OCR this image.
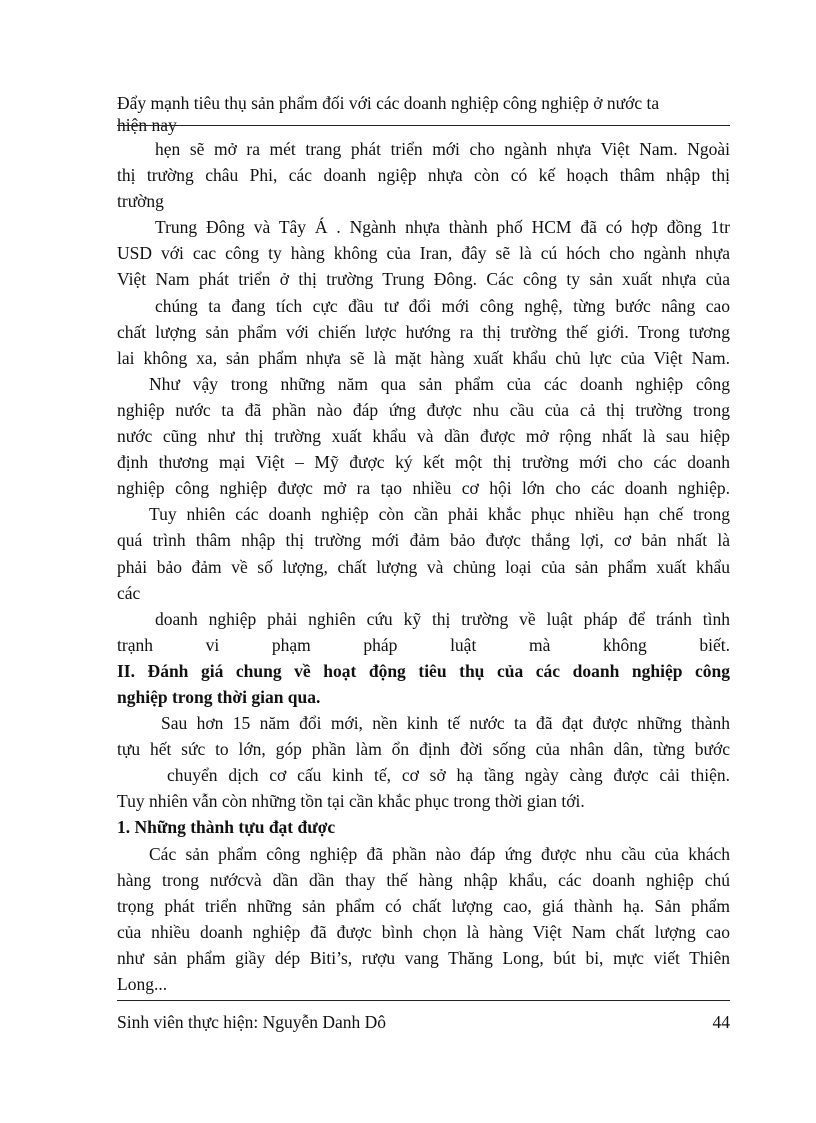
Đẩy mạnh tiêu thụ sản phẩm đối với các doanh nghiệp công nghiệp ở nước ta
hiện nay
hẹn sẽ mở ra mét trang phát triển mới cho ngành nhựa Việt Nam. Ngoài
thị trường châu Phi, các doanh ngiệp nhựa còn có kế hoạch thâm nhập thị
trường
Trung Đông và Tây Á . Ngành nhựa thành phố HCM đã có hợp đồng 1tr
USD với cac công ty hàng không của Iran, đây sẽ là cú hóch cho ngành nhựa
Việt Nam phát triển ở thị trường Trung Đông. Các công ty sản xuất nhựa của
chúng ta đang tích cực đầu tư đổi mới công nghệ, từng bước nâng cao
chất lượng sản phẩm với chiến lược hướng ra thị trường thế giới. Trong tương
lai không xa, sản phẩm nhựa sẽ là mặt hàng xuất khẩu chủ lực của Việt Nam.
Như vậy trong những năm qua sản phẩm của các doanh nghiệp công
nghiệp nước ta đã phần nào đáp ứng được nhu cầu của cả thị trường trong
nước cũng như thị trường xuất khẩu và dần được mở rộng nhất là sau hiệp
định thương mại Việt – Mỹ được ký kết một thị trường mới cho các doanh
nghiệp công nghiệp được mở ra tạo nhiều cơ hội lớn cho các doanh nghiệp.
Tuy nhiên các doanh nghiệp còn cần phải khắc phục nhiều hạn chế trong
quá trình thâm nhập thị trường mới đảm bảo được thắng lợi, cơ bản nhất là
phải bảo đảm về số lượng, chất lượng và chủng loại của sản phẩm xuất khẩu
các
doanh nghiệp phải nghiên cứu kỹ thị trường về luật pháp để tránh tình
trạnh vi phạm pháp luật mà không biết.
II. Đánh giá chung về hoạt động tiêu thụ của các doanh nghiệp công
nghiệp trong thời gian qua.
Sau hơn 15 năm đổi mới, nền kinh tế nước ta đã đạt được những thành
tựu hết sức to lớn, góp phần làm ổn định đời sống của nhân dân, từng bước
chuyển dịch cơ cấu kinh tế, cơ sở hạ tầng ngày càng được cải thiện.
Tuy nhiên vẫn còn những tồn tại cần khắc phục trong thời gian tới.
1. Những thành tựu đạt được
Các sản phẩm công nghiệp đã phần nào đáp ứng được nhu cầu của khách
hàng trong nướcvà dần dần thay thế hàng nhập khẩu, các doanh nghiệp chú
trọng phát triển những sản phẩm có chất lượng cao, giá thành hạ. Sản phẩm
của nhiều doanh nghiệp đã được bình chọn là hàng Việt Nam chất lượng cao
như sản phẩm giầy dép Biti’s, rượu vang Thăng Long, bút bi, mực viết Thiên
Long...
Sinh viên thực hiện: Nguyễn Danh Dô	44
